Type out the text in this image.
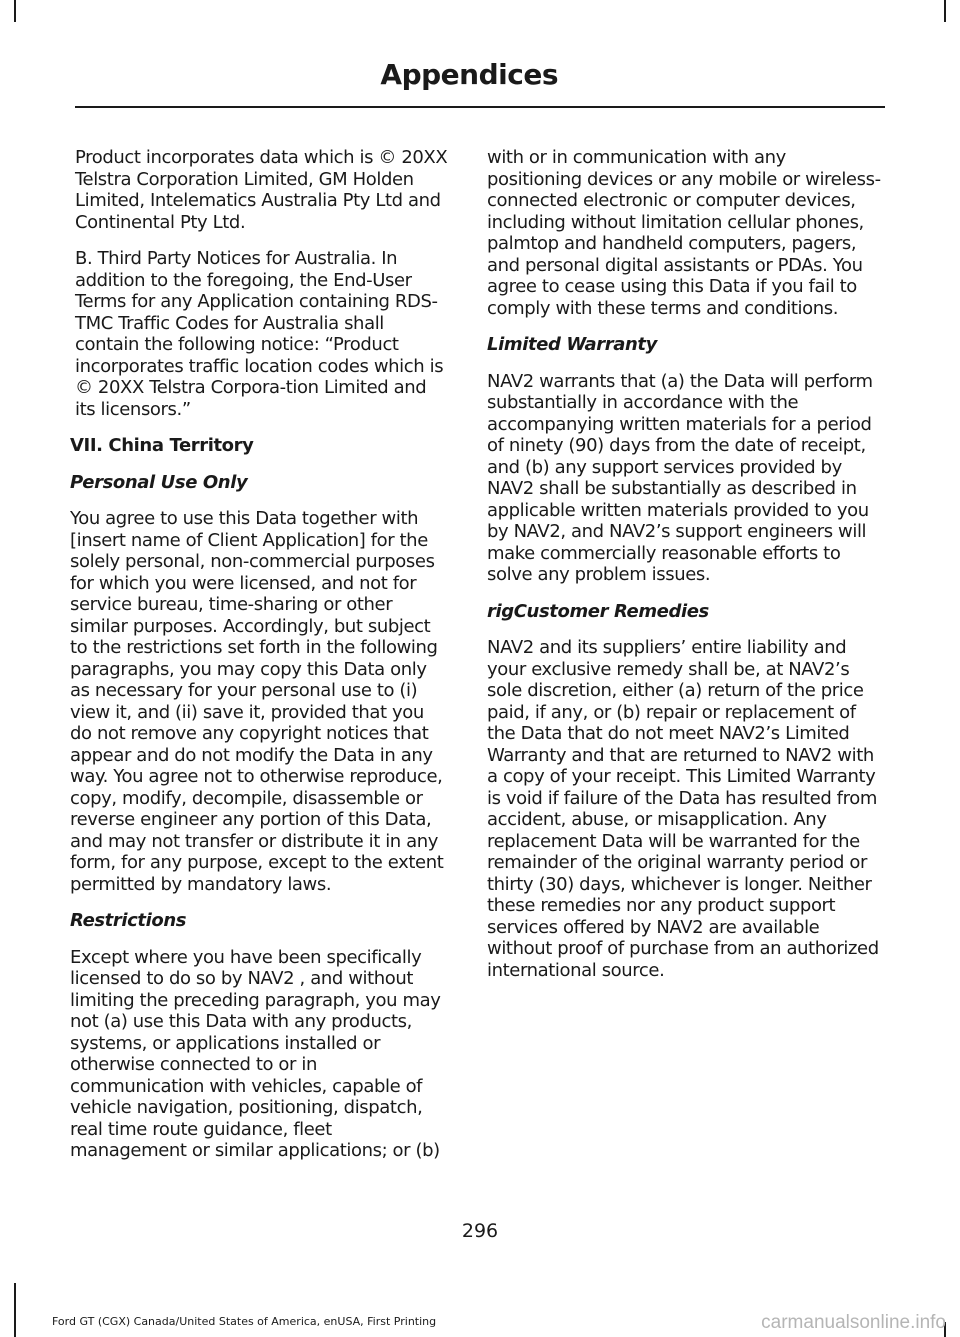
Appendices

Product incorporates data which is © 20XX Telstra Corporation Limited, GM Holden Limited, Intelematics Australia Pty Ltd and Continental Pty Ltd.

B. Third Party Notices for Australia. In addition to the foregoing, the End-User Terms for any Application containing RDS-TMC Traffic Codes for Australia shall contain the following notice: “Product incorporates traffic location codes which is © 20XX Telstra Corpora-tion Limited and its licensors.”

VII. China Territory

Personal Use Only

You agree to use this Data together with [insert name of Client Application] for the solely personal, non-commercial purposes for which you were licensed, and not for service bureau, time-sharing or other similar purposes. Accordingly, but subject to the restrictions set forth in the following paragraphs, you may copy this Data only as necessary for your personal use to (i) view it, and (ii) save it, provided that you do not remove any copyright notices that appear and do not modify the Data in any way. You agree not to otherwise reproduce, copy, modify, decompile, disassemble or reverse engineer any portion of this Data, and may not transfer or distribute it in any form, for any purpose, except to the extent permitted by mandatory laws.

Restrictions

Except where you have been specifically licensed to do so by NAV2 , and without limiting the preceding paragraph, you may not (a) use this Data with any products, systems, or applications installed or otherwise connected to or in communication with vehicles, capable of vehicle navigation, positioning, dispatch, real time route guidance, fleet management or similar applications; or (b)

with or in communication with any positioning devices or any mobile or wireless-connected electronic or computer devices, including without limitation cellular phones, palmtop and handheld computers, pagers, and personal digital assistants or PDAs. You agree to cease using this Data if you fail to comply with these terms and conditions.

Limited Warranty

NAV2 warrants that (a) the Data will perform substantially in accordance with the accompanying written materials for a period of ninety (90) days from the date of receipt, and (b) any support services provided by NAV2 shall be substantially as described in applicable written materials provided to you by NAV2, and NAV2’s support engineers will make commercially reasonable efforts to solve any problem issues.

rigCustomer Remedies

NAV2 and its suppliers’ entire liability and your exclusive remedy shall be, at NAV2’s sole discretion, either (a) return of the price paid, if any, or (b) repair or replacement of the Data that do not meet NAV2’s Limited Warranty and that are returned to NAV2 with a copy of your receipt. This Limited Warranty is void if failure of the Data has resulted from accident, abuse, or misapplication. Any replacement Data will be warranted for the remainder of the original warranty period or thirty (30) days, whichever is longer. Neither these remedies nor any product support services offered by NAV2 are available without proof of purchase from an authorized international source.

296
Ford GT (CGX) Canada/United States of America, enUSA, First Printing	carmanualsonline.info
